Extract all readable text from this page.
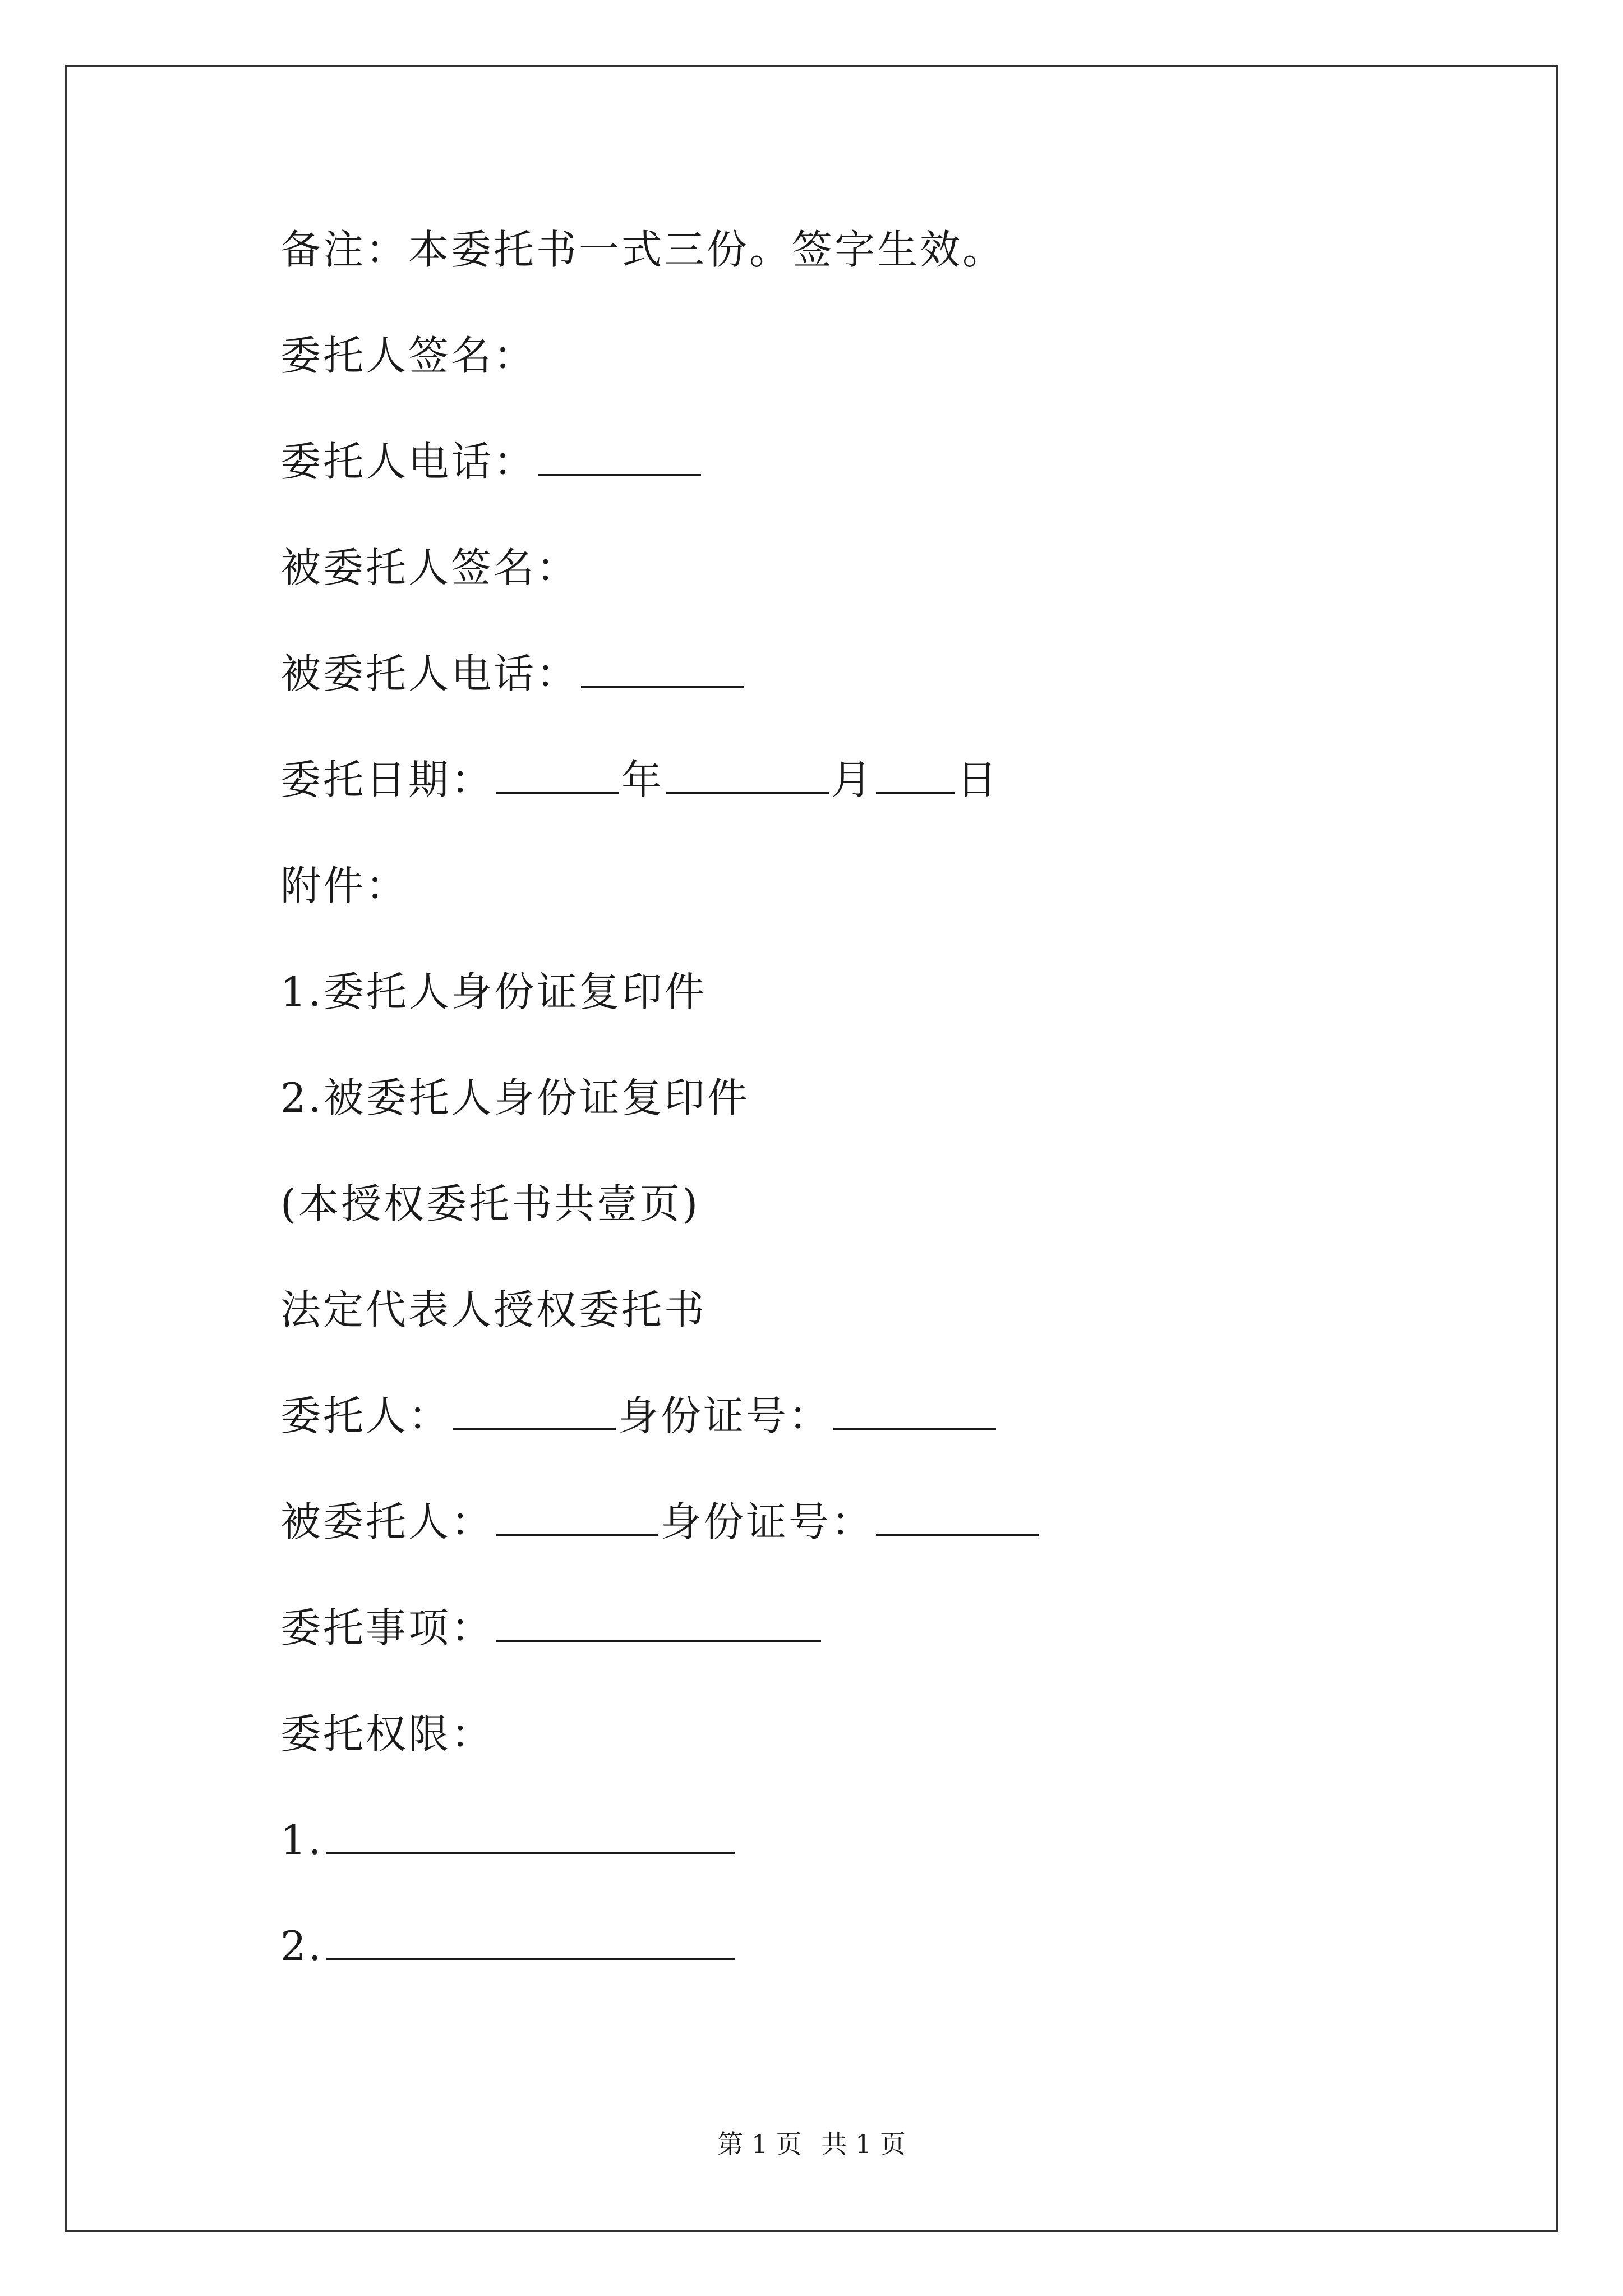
备注：本委托书一式三份。签字生效。
委托人签名：
委托人电话：
被委托人签名：
被委托人电话：
委托日期：	年	月 日
附件：
1.委托人身份证复印件
2.被委托人身份证复印件
(本授权委托书共壹页)
法定代表人授权委托书
委托人：	身份证号：
被委托人：	身份证号：
委托事项：
委托权限：
1.
2.
第 1 页 共 1 页
